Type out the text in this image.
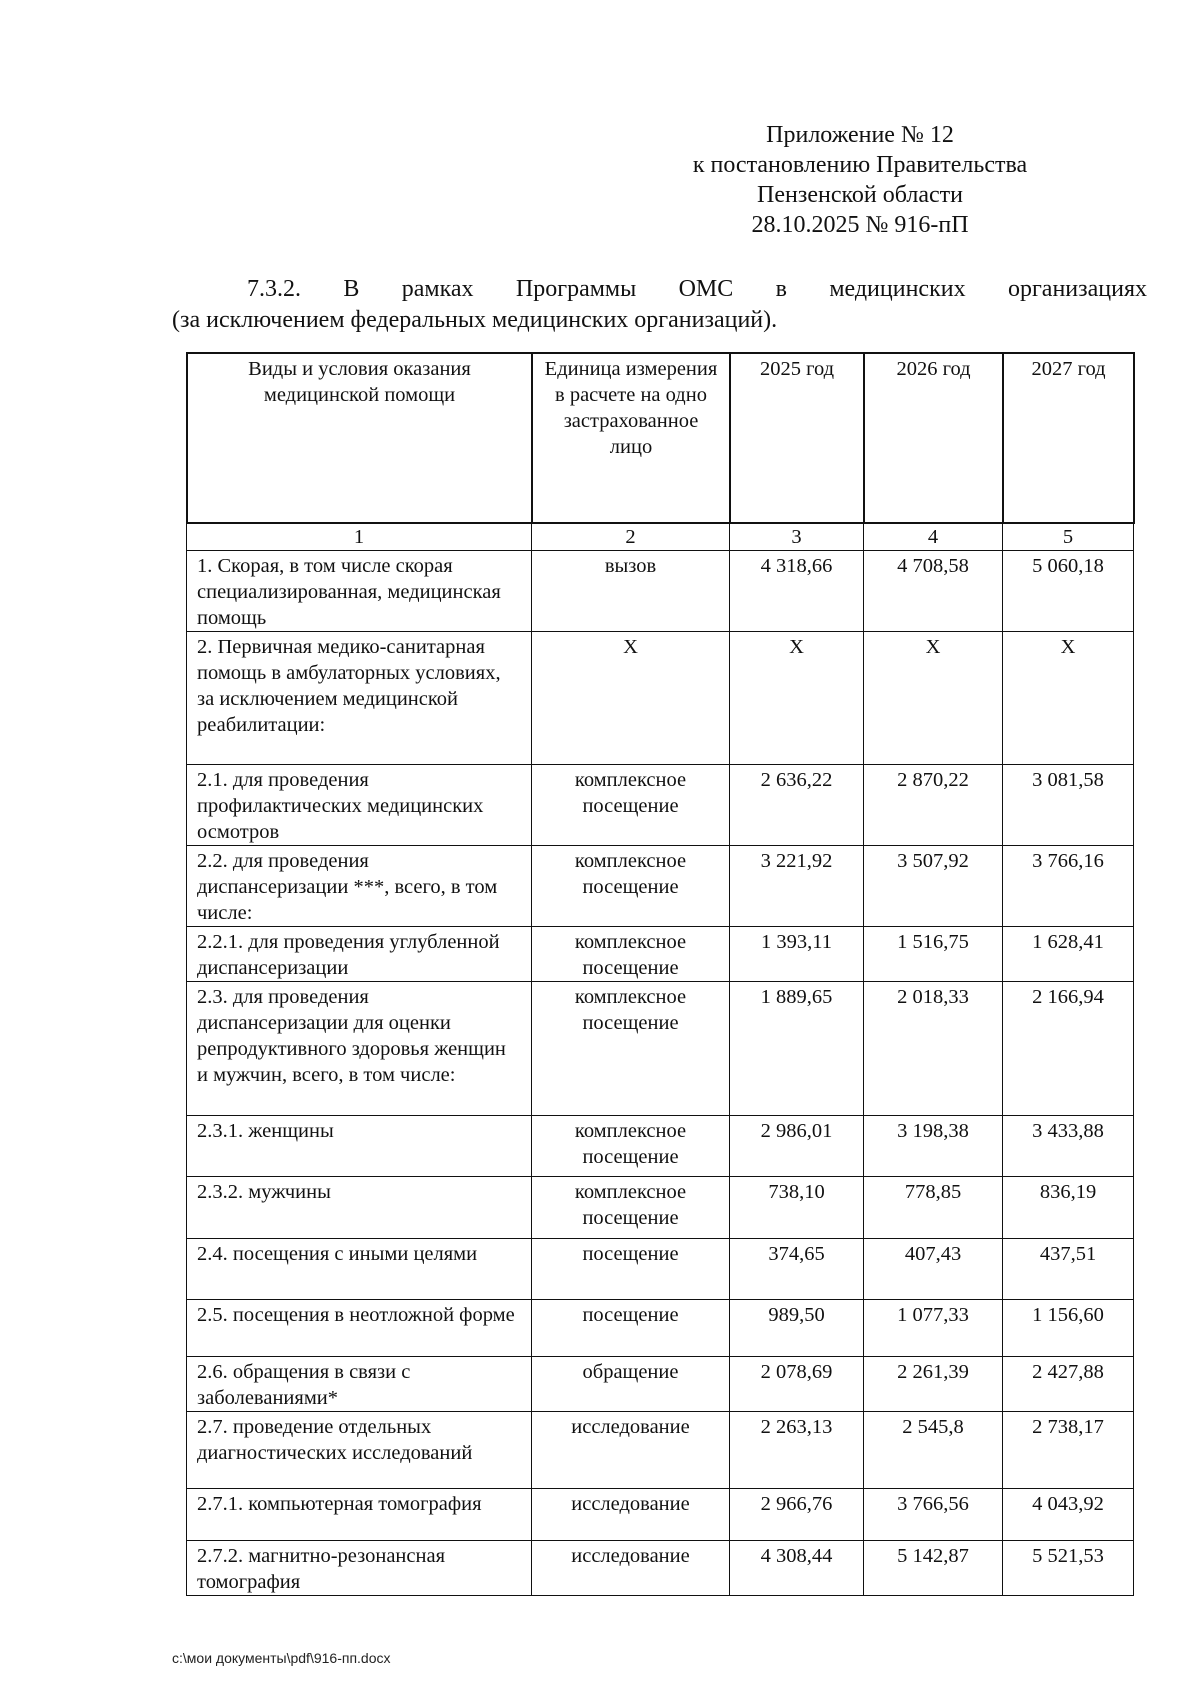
Приложение № 12
к постановлению Правительства
Пензенской области
28.10.2025 № 916-пП
7.3.2. В рамках Программы ОМС в медицинских организациях
(за исключением федеральных медицинских организаций).
Виды и условия оказания медицинской помощи	Единица измерения в расчете на одно застрахованное лицо	2025 год	2026 год	2027 год
1	2	3	4	5
1. Скорая, в том числе скорая специализированная, медицинская помощь	вызов	4 318,66	4 708,58	5 060,18
2. Первичная медико-санитарная помощь в амбулаторных условиях, за исключением медицинской реабилитации:	Х	Х	Х	Х
2.1. для проведения профилактических медицинских осмотров	комплексное посещение	2 636,22	2 870,22	3 081,58
2.2. для проведения диспансеризации ***, всего, в том числе:	комплексное посещение	3 221,92	3 507,92	3 766,16
2.2.1. для проведения углубленной диспансеризации	комплексное посещение	1 393,11	1 516,75	1 628,41
2.3. для проведения диспансеризации для оценки репродуктивного здоровья женщин и мужчин, всего, в том числе:	комплексное посещение	1 889,65	2 018,33	2 166,94
2.3.1. женщины	комплексное посещение	2 986,01	3 198,38	3 433,88
2.3.2. мужчины	комплексное посещение	738,10	778,85	836,19
2.4. посещения с иными целями	посещение	374,65	407,43	437,51
2.5. посещения в неотложной форме	посещение	989,50	1 077,33	1 156,60
2.6. обращения в связи с заболеваниями*	обращение	2 078,69	2 261,39	2 427,88
2.7. проведение отдельных диагностических исследований	исследование	2 263,13	2 545,8	2 738,17
2.7.1. компьютерная томография	исследование	2 966,76	3 766,56	4 043,92
2.7.2. магнитно-резонансная томография	исследование	4 308,44	5 142,87	5 521,53
c:\мои документы\pdf\916-пп.docx
